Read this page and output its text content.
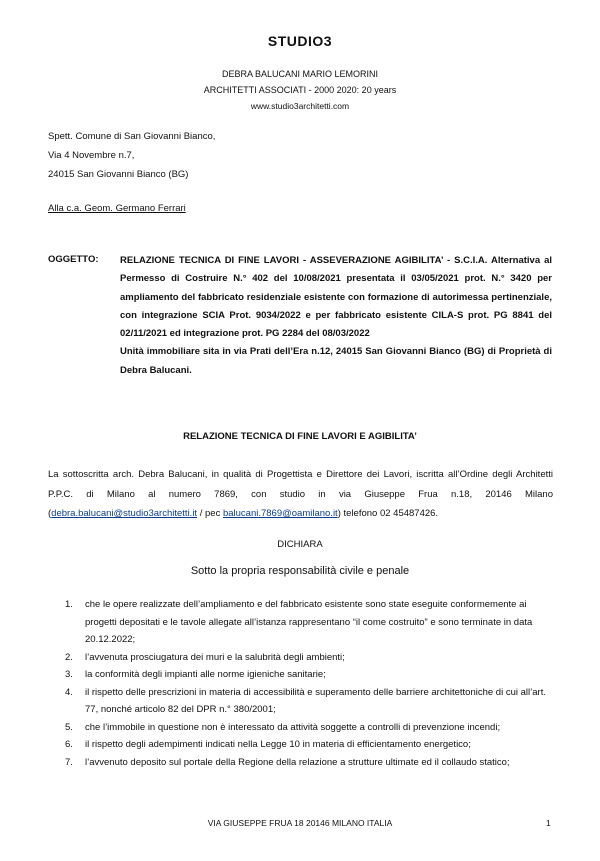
STUDIO3
DEBRA BALUCANI MARIO LEMORINI
ARCHITETTI ASSOCIATI - 2000 2020: 20 years
www.studio3architetti.com
Spett. Comune di San Giovanni Bianco,
Via 4 Novembre n.7,
24015 San Giovanni Bianco (BG)
Alla c.a. Geom. Germano Ferrari
OGGETTO: RELAZIONE TECNICA DI FINE LAVORI - ASSEVERAZIONE AGIBILITA’ - S.C.I.A. Alternativa al Permesso di Costruire N.° 402 del 10/08/2021 presentata il 03/05/2021 prot. N.° 3420 per ampliamento del fabbricato residenziale esistente con formazione di autorimessa pertinenziale, con integrazione SCIA Prot. 9034/2022 e per fabbricato esistente CILA-S prot. PG 8841 del 02/11/2021 ed integrazione prot. PG 2284 del 08/03/2022

Unità immobiliare sita in via Prati dell’Era n.12, 24015 San Giovanni Bianco (BG) di Proprietà di Debra Balucani.

RELAZIONE TECNICA DI FINE LAVORI E AGIBILITA’
La sottoscritta arch. Debra Balucani, in qualità di Progettista e Direttore dei Lavori, iscritta all’Ordine degli Architetti P.P.C. di Milano al numero 7869, con studio in via Giuseppe Frua n.18, 20146 Milano (debra.balucani@studio3architetti.it / pec balucani.7869@oamilano.it) telefono 02 45487426.
DICHIARA
Sotto la propria responsabilità civile e penale
1.	che le opere realizzate dell’ampliamento e del fabbricato esistente sono state eseguite conformemente ai progetti depositati e le tavole allegate all’istanza rappresentano “il come costruito” e sono terminate in data 20.12.2022;
2.	l’avvenuta prosciugatura dei muri e la salubrità degli ambienti;
3.	la conformità degli impianti alle norme igieniche sanitarie;
4.	il rispetto delle prescrizioni in materia di accessibilità e superamento delle barriere architettoniche di cui all’art. 77, nonché articolo 82 del DPR n.° 380/2001;
5.	che l’immobile in questione non è interessato da attività soggette a controlli di prevenzione incendi;
6.	il rispetto degli adempimenti indicati nella Legge 10 in materia di efficientamento energetico;
7.	l’avvenuto deposito sul portale della Regione della relazione a strutture ultimate ed il collaudo statico;
VIA GIUSEPPE FRUA 18 20146 MILANO ITALIA	1
